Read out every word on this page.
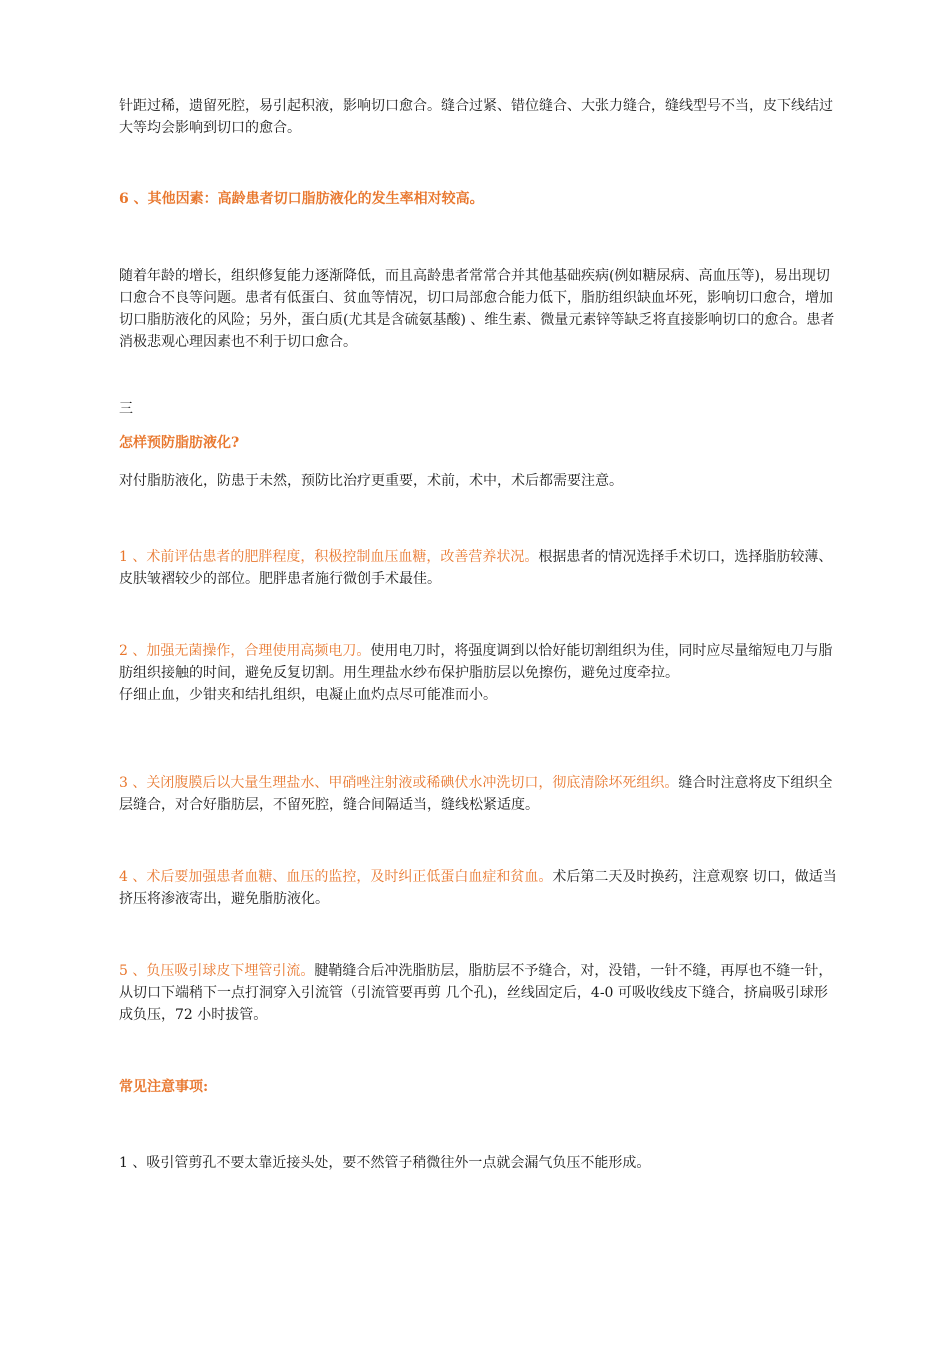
针距过稀，遗留死腔，易引起积液，影响切口愈合。缝合过紧、错位缝合、大张力缝合，缝线型号不当，皮下线结过大等均会影响到切口的愈合。

6 、其他因素：高龄患者切口脂肪液化的发生率相对较高。

随着年龄的增长，组织修复能力逐渐降低，而且高龄患者常常合并其他基础疾病(例如糖尿病、高血压等)，易出现切口愈合不良等问题。患者有低蛋白、贫血等情况，切口局部愈合能力低下，脂肪组织缺血坏死，影响切口愈合，增加切口脂肪液化的风险；另外，蛋白质(尤其是含硫氨基酸) 、维生素、微量元素锌等缺乏将直接影响切口的愈合。患者消极悲观心理因素也不利于切口愈合。

三

怎样预防脂肪液化?

对付脂肪液化，防患于未然，预防比治疗更重要，术前，术中，术后都需要注意。

1 、术前评估患者的肥胖程度，积极控制血压血糖，改善营养状况。根据患者的情况选择手术切口，选择脂肪较薄、皮肤皱褶较少的部位。肥胖患者施行微创手术最佳。

2 、加强无菌操作，合理使用高频电刀。使用电刀时，将强度调到以恰好能切割组织为佳，同时应尽量缩短电刀与脂肪组织接触的时间，避免反复切割。用生理盐水纱布保护脂肪层以免擦伤，避免过度牵拉。

仔细止血，少钳夹和结扎组织，电凝止血灼点尽可能准而小。

3 、关闭腹膜后以大量生理盐水、甲硝唑注射液或稀碘伏水冲洗切口，彻底清除坏死组织。缝合时注意将皮下组织全层缝合，对合好脂肪层，不留死腔，缝合间隔适当，缝线松紧适度。

4 、术后要加强患者血糖、血压的监控，及时纠正低蛋白血症和贫血。术后第二天及时换药，注意观察 切口，做适当挤压将渗液寄出，避免脂肪液化。

5 、负压吸引球皮下埋管引流。腱鞘缝合后冲洗脂肪层，脂肪层不予缝合，对，没错，一针不缝，再厚也不缝一针，从切口下端稍下一点打洞穿入引流管（引流管要再剪 几个孔)，丝线固定后，4-0 可吸收线皮下缝合，挤扁吸引球形成负压，72 小时拔管。

常见注意事项:

1 、吸引管剪孔不要太靠近接头处，要不然管子稍微往外一点就会漏气负压不能形成。
